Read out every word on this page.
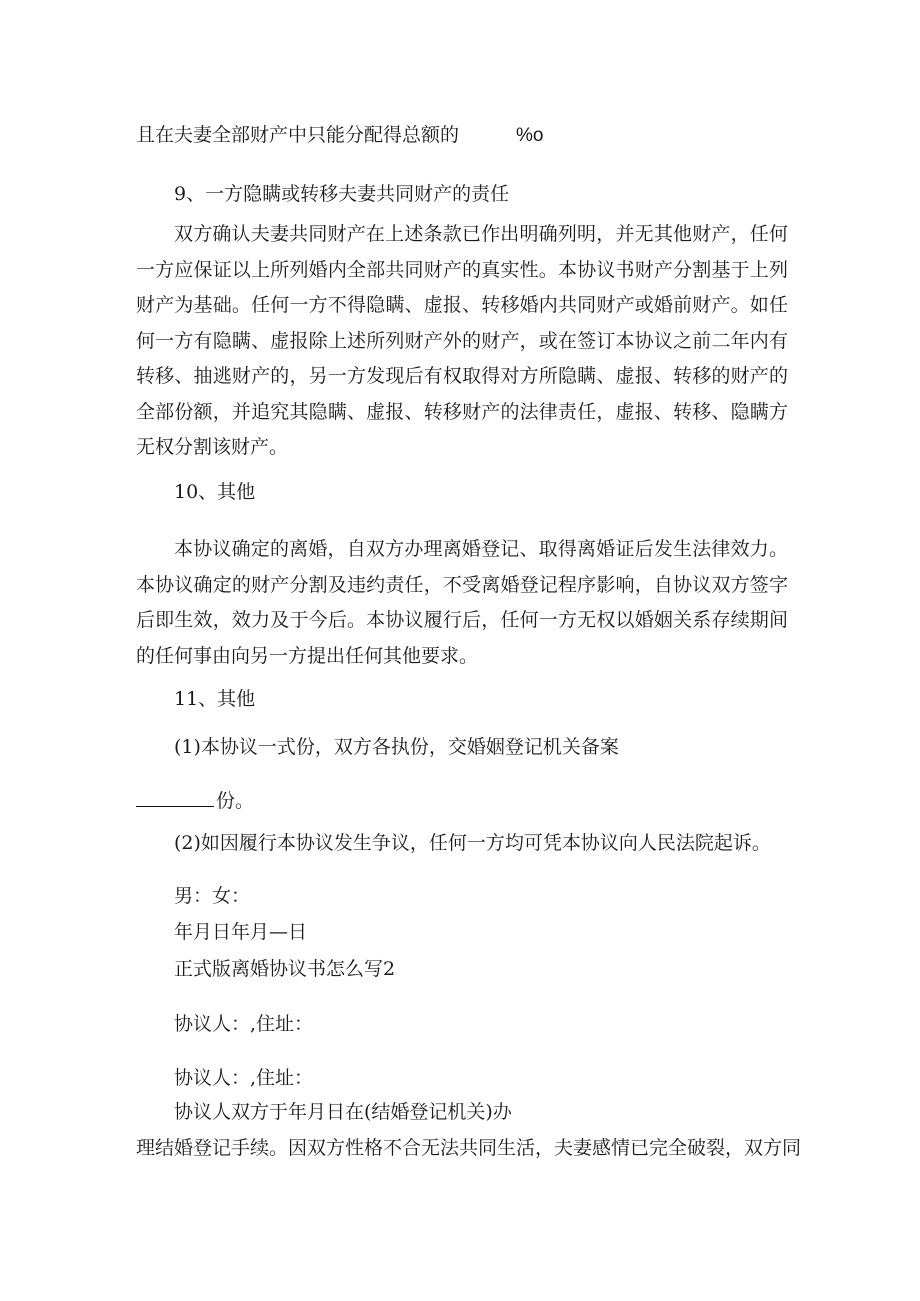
且在夫妻全部财产中只能分配得总额的	%o
9、一方隐瞒或转移夫妻共同财产的责任

双方确认夫妻共同财产在上述条款已作出明确列明，并无其他财产，任何一方应保证以上所列婚内全部共同财产的真实性。本协议书财产分割基于上列财产为基础。任何一方不得隐瞒、虚报、转移婚内共同财产或婚前财产。如任何一方有隐瞒、虚报除上述所列财产外的财产，或在签订本协议之前二年内有转移、抽逃财产的，另一方发现后有权取得对方所隐瞒、虚报、转移的财产的全部份额，并追究其隐瞒、虚报、转移财产的法律责任，虚报、转移、隐瞒方无权分割该财产。

10、其他

本协议确定的离婚，自双方办理离婚登记、取得离婚证后发生法律效力。本协议确定的财产分割及违约责任，不受离婚登记程序影响，自协议双方签字后即生效，效力及于今后。本协议履行后，任何一方无权以婚姻关系存续期间的任何事由向另一方提出任何其他要求。

11、其他
(1)本协议一式份，双方各执份，交婚姻登记机关备案
份。
(2)如因履行本协议发生争议，任何一方均可凭本协议向人民法院起诉。
男：女：
年月日年月—日
正式版离婚协议书怎么写2
协议人：,住址：
协议人：,住址：
协议人双方于年月日在(结婚登记机关)办
理结婚登记手续。因双方性格不合无法共同生活，夫妻感情已完全破裂，双方同
